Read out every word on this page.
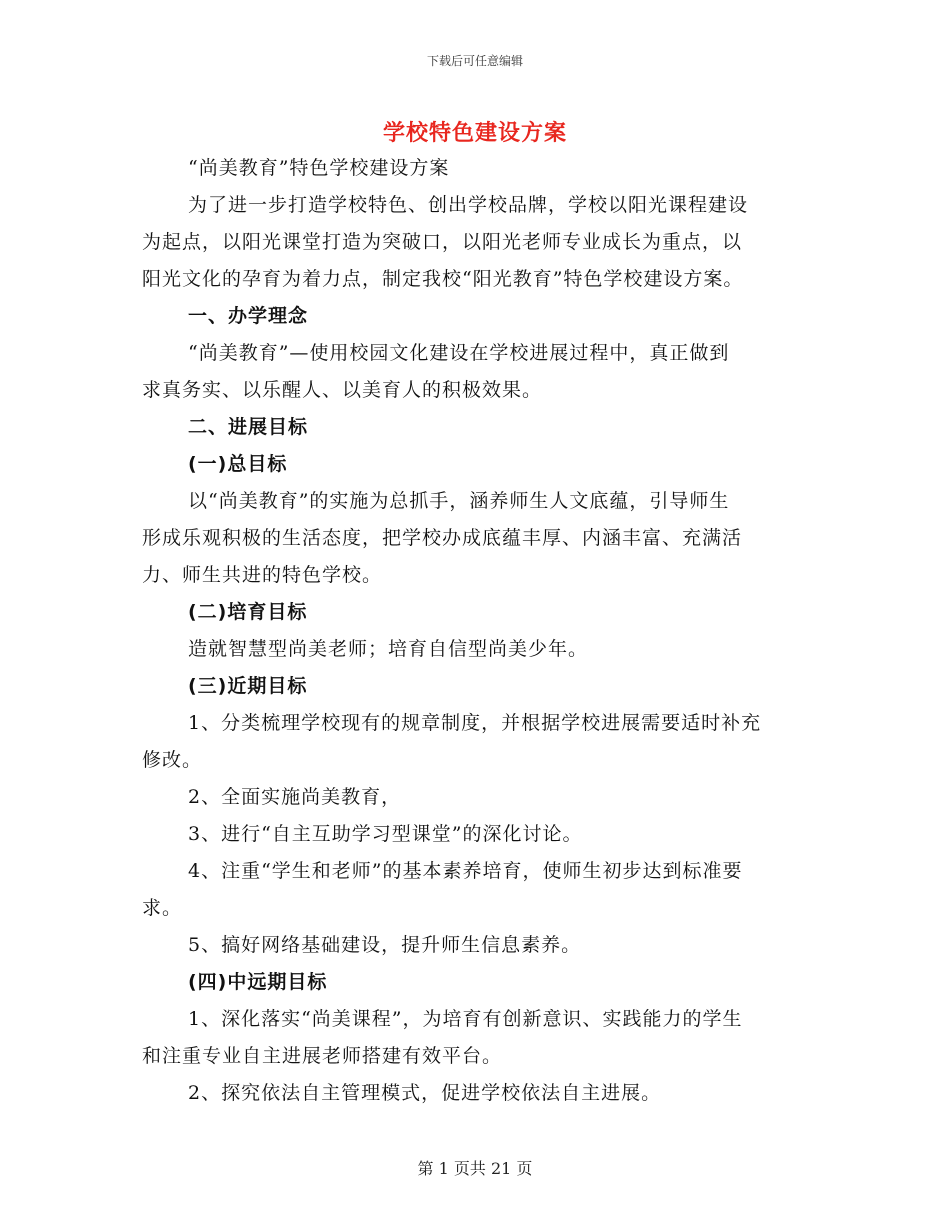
下载后可任意编辑
学校特色建设方案
“尚美教育”特色学校建设方案
为了进一步打造学校特色、创出学校品牌，学校以阳光课程建设
为起点，以阳光课堂打造为突破口，以阳光老师专业成长为重点，以
阳光文化的孕育为着力点，制定我校“阳光教育”特色学校建设方案。
一、办学理念
“尚美教育”—使用校园文化建设在学校进展过程中，真正做到
求真务实、以乐醒人、以美育人的积极效果。
二、进展目标
(一)总目标
以“尚美教育”的实施为总抓手，涵养师生人文底蕴，引导师生
形成乐观积极的生活态度，把学校办成底蕴丰厚、内涵丰富、充满活
力、师生共进的特色学校。
(二)培育目标
造就智慧型尚美老师；培育自信型尚美少年。
(三)近期目标
1、分类梳理学校现有的规章制度，并根据学校进展需要适时补充
修改。
2、全面实施尚美教育，
3、进行“自主互助学习型课堂”的深化讨论。
4、注重“学生和老师”的基本素养培育，使师生初步达到标准要
求。
5、搞好网络基础建设，提升师生信息素养。
(四)中远期目标
1、深化落实“尚美课程”，为培育有创新意识、实践能力的学生
和注重专业自主进展老师搭建有效平台。
2、探究依法自主管理模式，促进学校依法自主进展。
第 1 页共 21 页
